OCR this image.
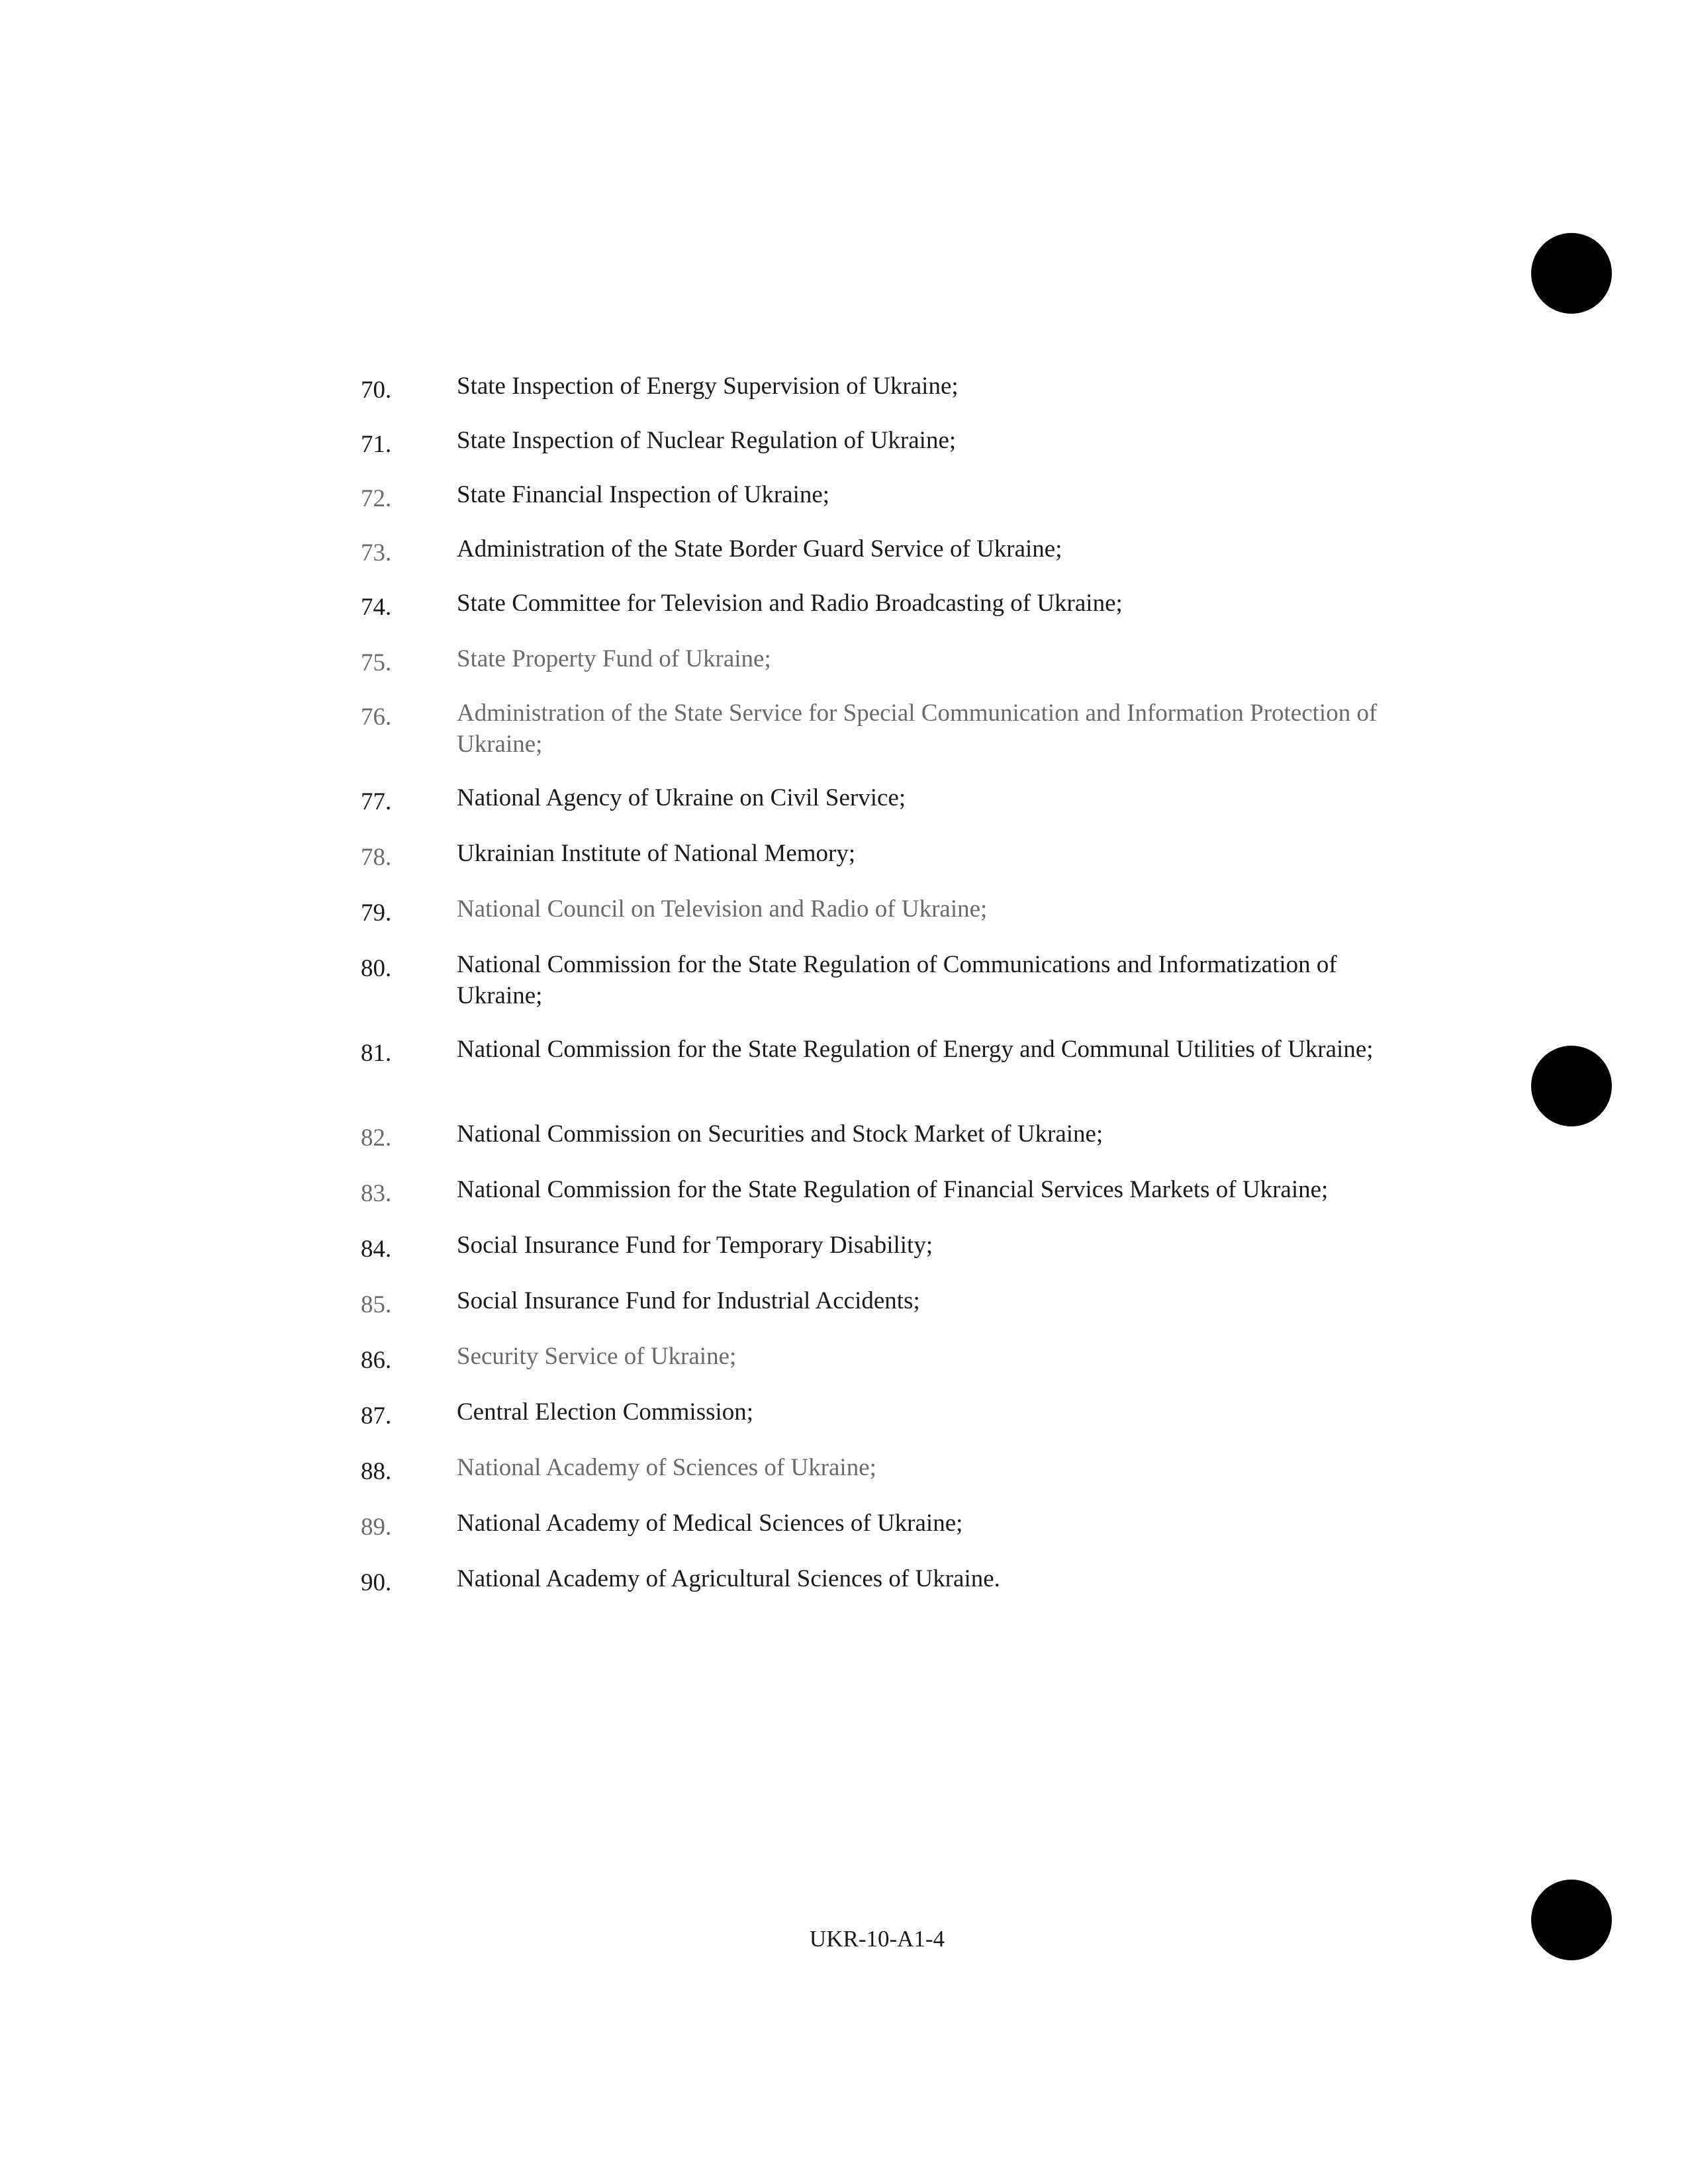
70.	State Inspection of Energy Supervision of Ukraine;
71.	State Inspection of Nuclear Regulation of Ukraine;
72.	State Financial Inspection of Ukraine;
73.	Administration of the State Border Guard Service of Ukraine;
74.	State Committee for Television and Radio Broadcasting of Ukraine;
75.	State Property Fund of Ukraine;
76.	Administration of the State Service for Special Communication and Information Protection of Ukraine;
77.	National Agency of Ukraine on Civil Service;
78.	Ukrainian Institute of National Memory;
79.	National Council on Television and Radio of Ukraine;
80.	National Commission for the State Regulation of Communications and Informatization of Ukraine;
81.	National Commission for the State Regulation of Energy and Communal Utilities of Ukraine;
82.	National Commission on Securities and Stock Market of Ukraine;
83.	National Commission for the State Regulation of Financial Services Markets of Ukraine;
84.	Social Insurance Fund for Temporary Disability;
85.	Social Insurance Fund for Industrial Accidents;
86.	Security Service of Ukraine;
87.	Central Election Commission;
88.	National Academy of Sciences of Ukraine;
89.	National Academy of Medical Sciences of Ukraine;
90.	National Academy of Agricultural Sciences of Ukraine.
UKR-10-A1-4
